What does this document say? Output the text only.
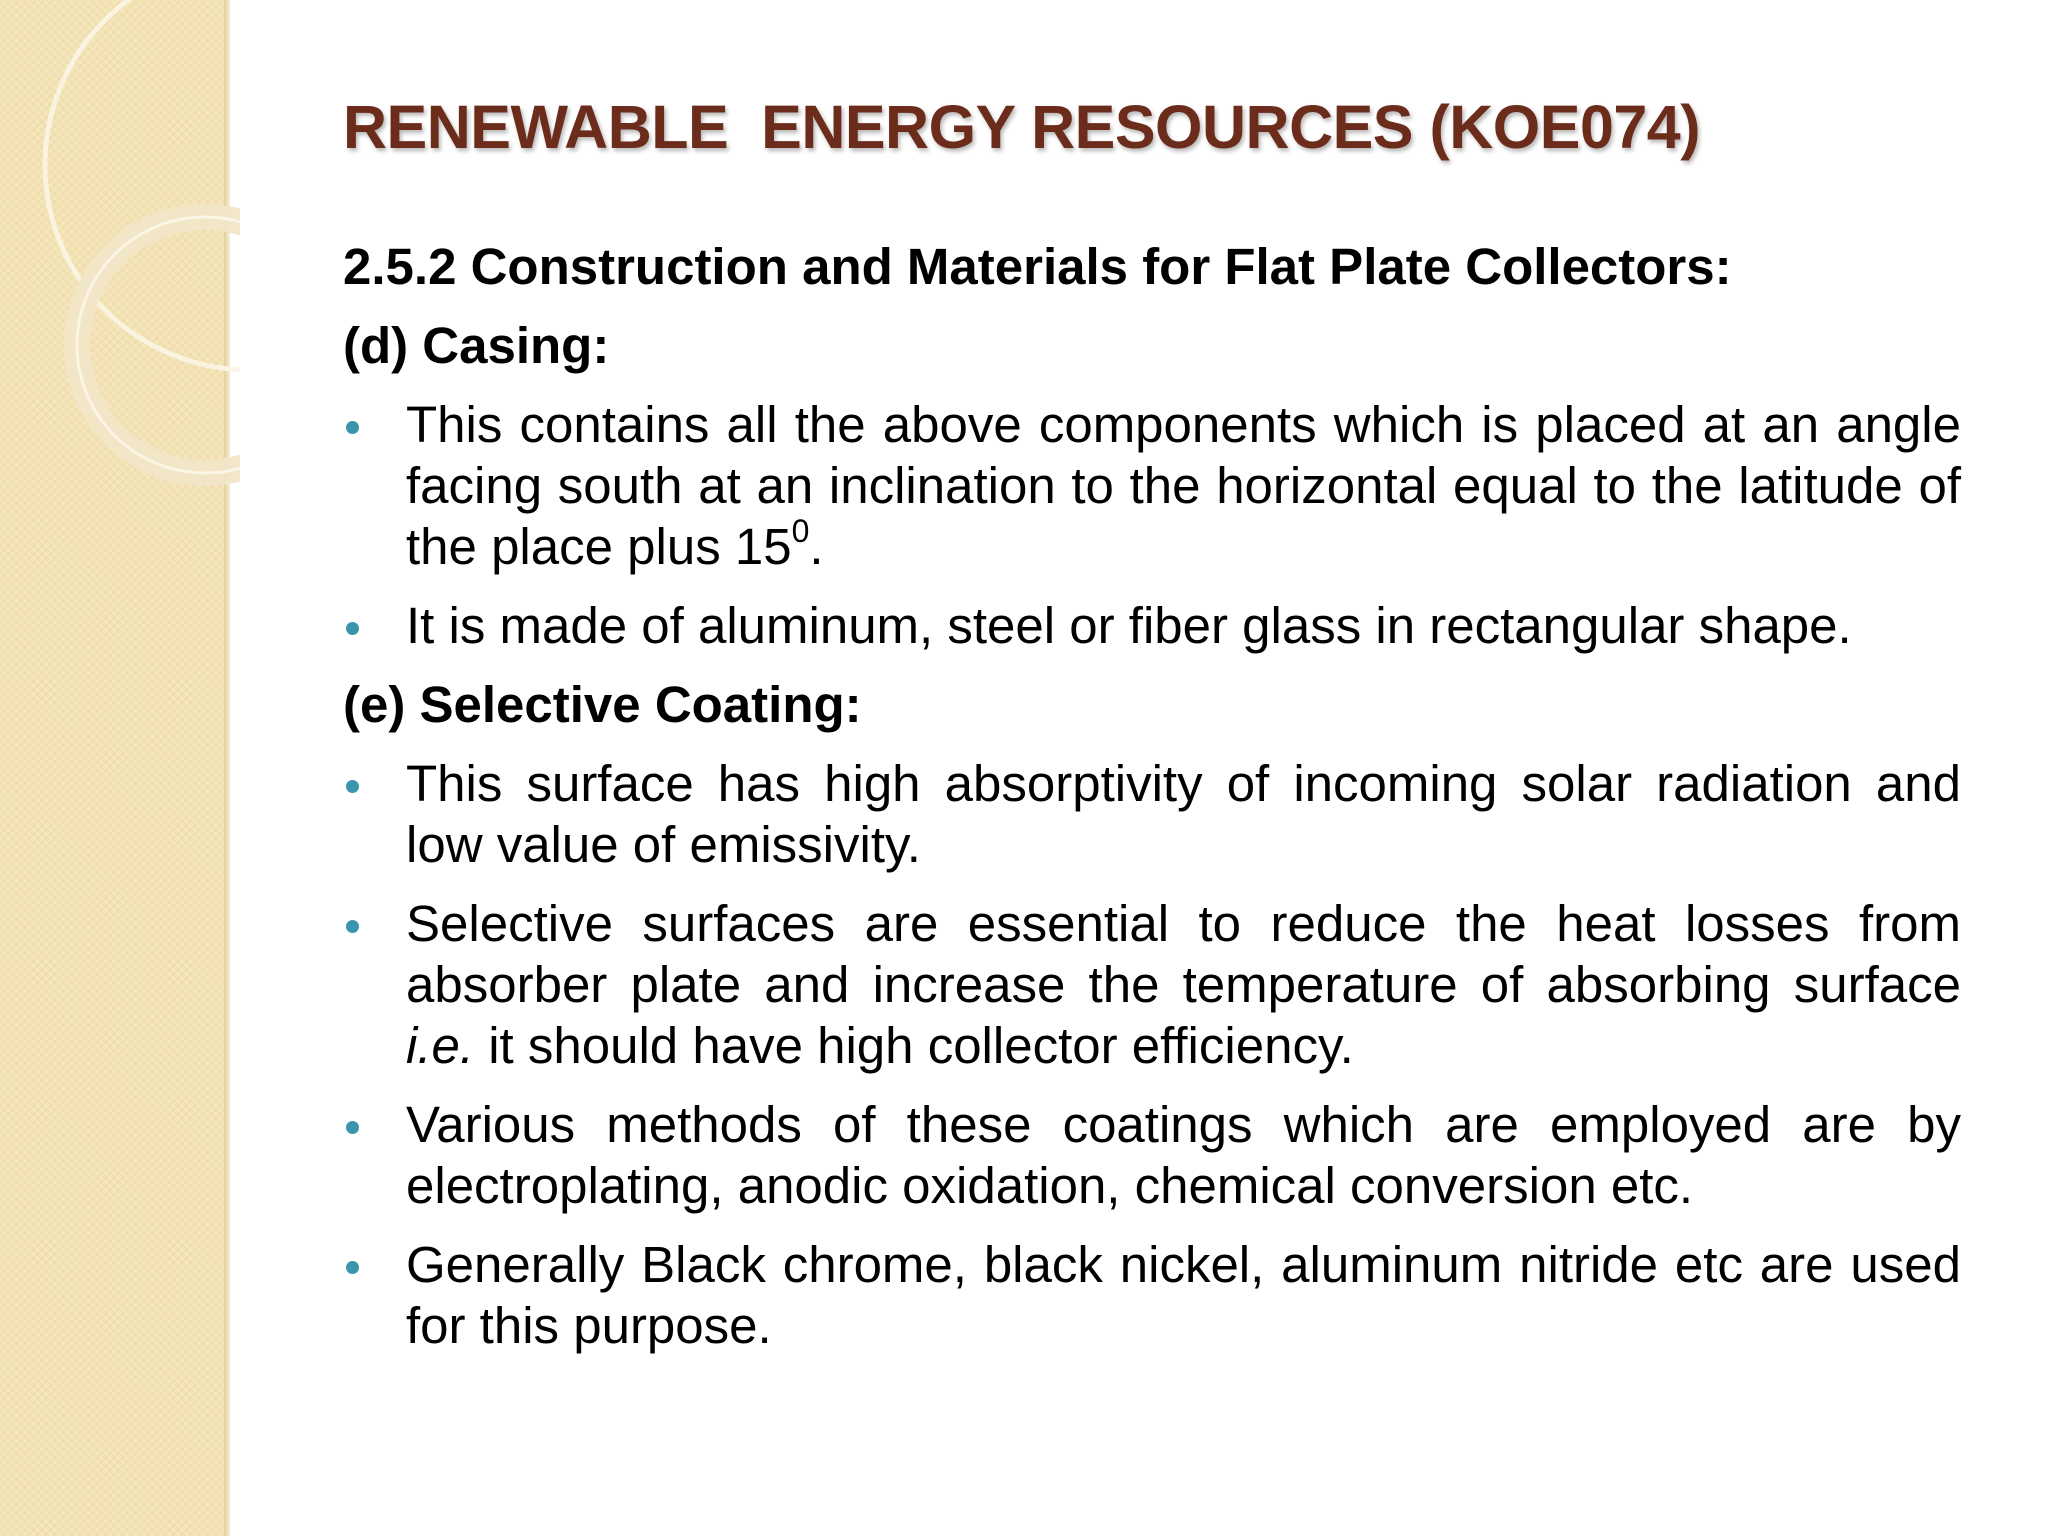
RENEWABLE  ENERGY RESOURCES (KOE074)
2.5.2 Construction and Materials for Flat Plate Collectors:
(d) Casing:
This contains all the above components which is placed at an angle facing south at an inclination to the horizontal equal to the latitude of the place plus $15^0$.
It is made of aluminum, steel or fiber glass in rectangular shape.
(e) Selective Coating:
This surface has high absorptivity of incoming solar radiation and low value of emissivity.
Selective surfaces are essential to reduce the heat losses from absorber plate and increase the temperature of absorbing surface i.e. it should have high collector efficiency.
Various methods of these coatings which are employed are by electroplating, anodic oxidation, chemical conversion etc.
Generally Black chrome, black nickel, aluminum nitride etc are used for this purpose.
